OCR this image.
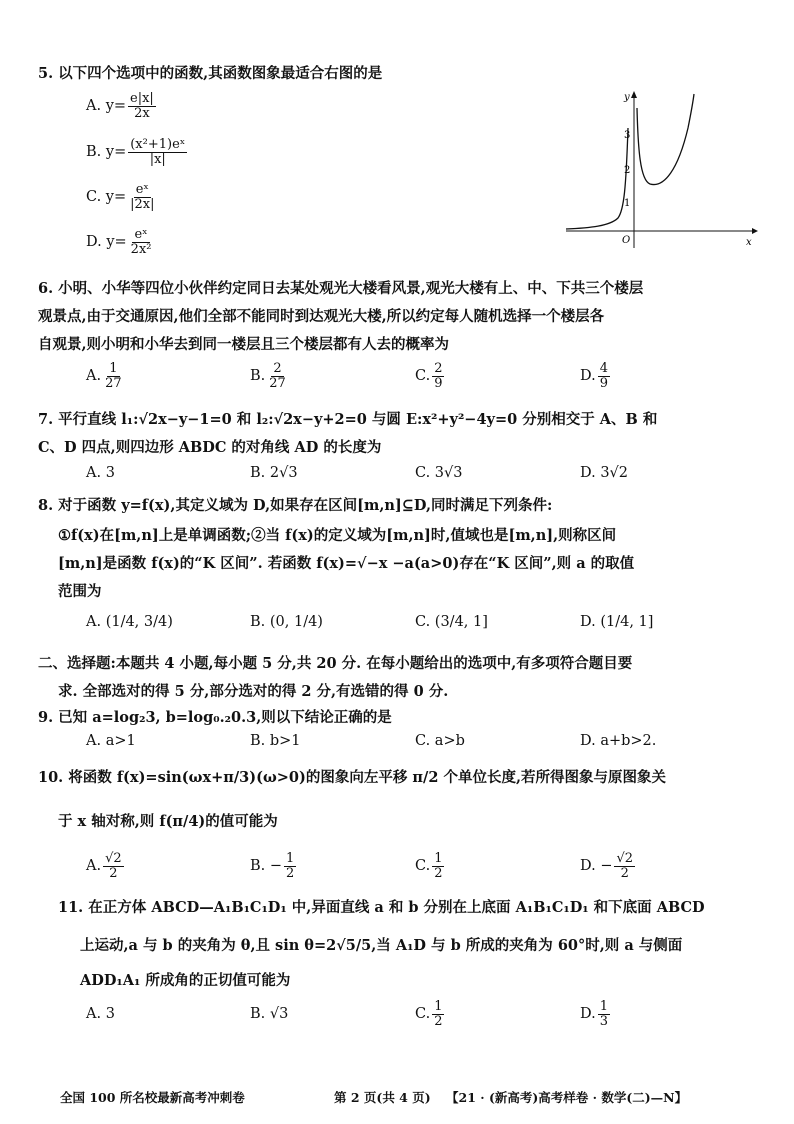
5. 以下四个选项中的函数,其函数图象最适合右图的是
A. $y= \frac{e|x|}{2x}$
B. $y= \frac{\text{(x²+1)eˣ}}{|x|}$
C. $y= \frac{\text{eˣ}}{|2x|}$
D. $y= \frac{\text{eˣ}}{\text{2x²}}$
y
x
O
3
2
1
6. 小明、小华等四位小伙伴约定同日去某处观光大楼看风景,观光大楼有上、中、下共三个楼层
观景点,由于交通原因,他们全部不能同时到达观光大楼,所以约定每人随机选择一个楼层各
自观景,则小明和小华去到同一楼层且三个楼层都有人去的概率为
A. $\frac{1}{27}$	B. $\frac{2}{27}$	C. $\frac{2}{9}$	D. $\frac{4}{9}$
7. 平行直线 l₁:√2x−y−1=0 和 l₂:√2x−y+2=0 与圆 E:x²+y²−4y=0 分别相交于 A、B 和
C、D 四点,则四边形 ABDC 的对角线 AD 的长度为
A. 3	B. 2√3	C. 3√3	D. 3√2
8. 对于函数 y=f(x),其定义域为 D,如果存在区间[m,n]⊆D,同时满足下列条件:
①f(x)在[m,n]上是单调函数;②当 f(x)的定义域为[m,n]时,值域也是[m,n],则称区间
[m,n]是函数 f(x)的“K 区间”. 若函数 f(x)=√−x −a(a>0)存在“K 区间”,则 a 的取值
范围为
A. (1/4, 3/4)	B. (0, 1/4)	C. (3/4, 1]	D. (1/4, 1]
二、选择题:本题共 4 小题,每小题 5 分,共 20 分. 在每小题给出的选项中,有多项符合题目要
求. 全部选对的得 5 分,部分选对的得 2 分,有选错的得 0 分.
9. 已知 a=log₂3, b=log₀.₂0.3,则以下结论正确的是
A. a>1	B. b>1	C. a>b	D. a+b>2.
10. 将函数 f(x)=sin(ωx+π/3)(ω>0)的图象向左平移 π/2 个单位长度,若所得图象与原图象关
于 x 轴对称,则 f(π/4)的值可能为
A. $\frac{√2}{2}$	B. − $\frac{1}{2}$	C. $\frac{1}{2}$	D. − $\frac{√2}{2}$
11. 在正方体 ABCD—A₁B₁C₁D₁ 中,异面直线 a 和 b 分别在上底面 A₁B₁C₁D₁ 和下底面 ABCD
上运动,a 与 b 的夹角为 θ,且 sin θ=2√5/5,当 A₁D 与 b 所成的夹角为 60°时,则 a 与侧面
ADD₁A₁ 所成角的正切值可能为
A. 3	B. √3	C. $\frac{1}{2}$	D. $\frac{1}{3}$
全国 100 所名校最新高考冲刺卷	第 2 页(共 4 页) 【21 · (新高考)高考样卷 · 数学(二)—N】
